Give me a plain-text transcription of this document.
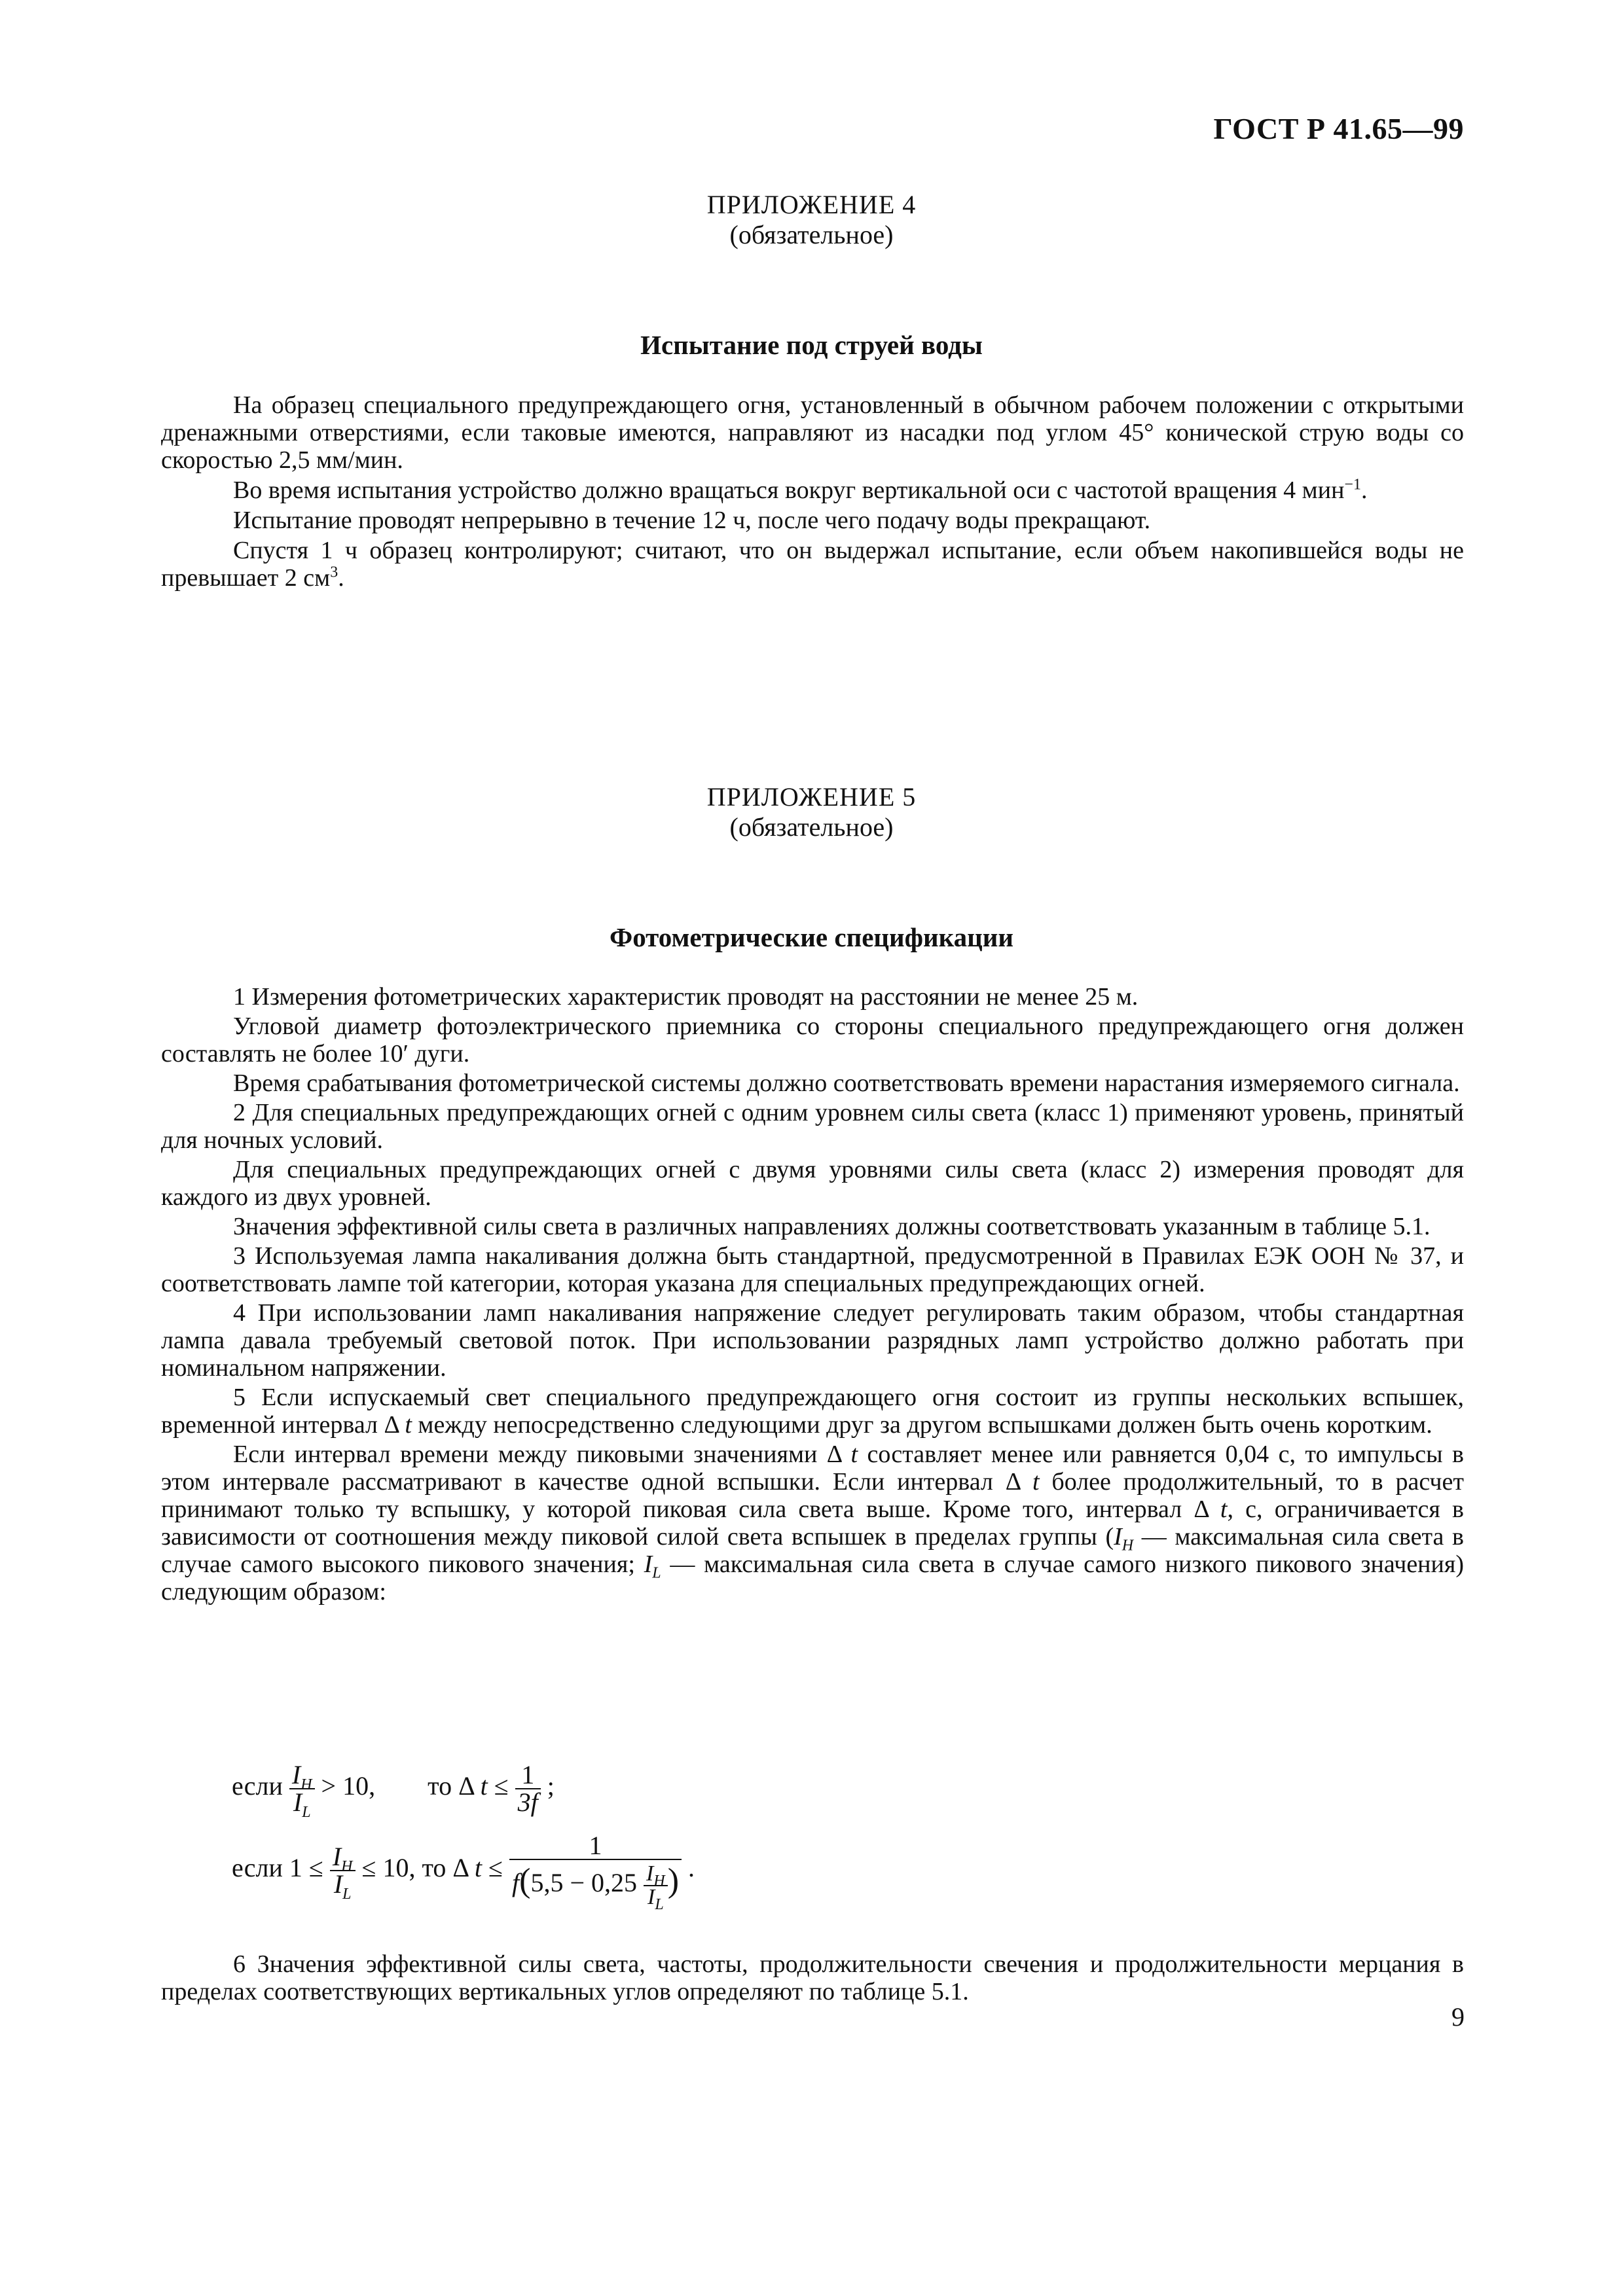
ГОСТ Р 41.65—99
ПРИЛОЖЕНИЕ 4
(обязательное)
Испытание под струей воды

На образец специального предупреждающего огня, установленный в обычном рабочем положении с открытыми дренажными отверстиями, если таковые имеются, направляют из насадки под углом 45° конической струю воды со скоростью 2,5 мм/мин.

Во время испытания устройство должно вращаться вокруг вертикальной оси с частотой вращения 4 мин$^{-1}$.

Испытание проводят непрерывно в течение 12 ч, после чего подачу воды прекращают.

Спустя 1 ч образец контролируют; считают, что он выдержал испытание, если объем накопившейся воды не превышает 2 $см^3$.

ПРИЛОЖЕНИЕ 5
(обязательное)
Фотометрические спецификации

1 Измерения фотометрических характеристик проводят на расстоянии не менее 25 м.

Угловой диаметр фотоэлектрического приемника со стороны специального предупреждающего огня должен составлять не более 10′ дуги.

Время срабатывания фотометрической системы должно соответствовать времени нарастания измеряемого сигнала.

2 Для специальных предупреждающих огней с одним уровнем силы света (класс 1) применяют уровень, принятый для ночных условий.

Для специальных предупреждающих огней с двумя уровнями силы света (класс 2) измерения проводят для каждого из двух уровней.

Значения эффективной силы света в различных направлениях должны соответствовать указанным в таблице 5.1.

3 Используемая лампа накаливания должна быть стандартной, предусмотренной в Правилах ЕЭК ООН № 37, и соответствовать лампе той категории, которая указана для специальных предупреждающих огней.

4 При использовании ламп накаливания напряжение следует регулировать таким образом, чтобы стандартная лампа давала требуемый световой поток. При использовании разрядных ламп устройство должно работать при номинальном напряжении.

5 Если испускаемый свет специального предупреждающего огня состоит из группы нескольких вспышек, временной интервал Δ t между непосредственно следующими друг за другом вспышками должен быть очень коротким.

Если интервал времени между пиковыми значениями Δ t составляет менее или равняется 0,04 с, то импульсы в этом интервале рассматривают в качестве одной вспышки. Если интервал Δ t более продолжительный, то в расчет принимают только ту вспышку, у которой пиковая сила света выше. Кроме того, интервал Δ t, с, ограничивается в зависимости от соотношения между пиковой силой света вспышек в пределах группы ($I_H$ — максимальная сила света в случае самого высокого пикового значения; $I_L$ — максимальная сила света в случае самого низкого пикового значения) следующим образом:

если $\frac{I_H}{I_L} > 10$, то Δ $t \le \frac{1}{3f}$ ;
если $1 \le \frac{I_H}{I_L} \le 10$, то Δ $t \le \frac{1}{f(5,5 - 0,25 \frac{I_H}{I_L} )}$ .

6 Значения эффективной силы света, частоты, продолжительности свечения и продолжительности мерцания в пределах соответствующих вертикальных углов определяют по таблице 5.1.

9
